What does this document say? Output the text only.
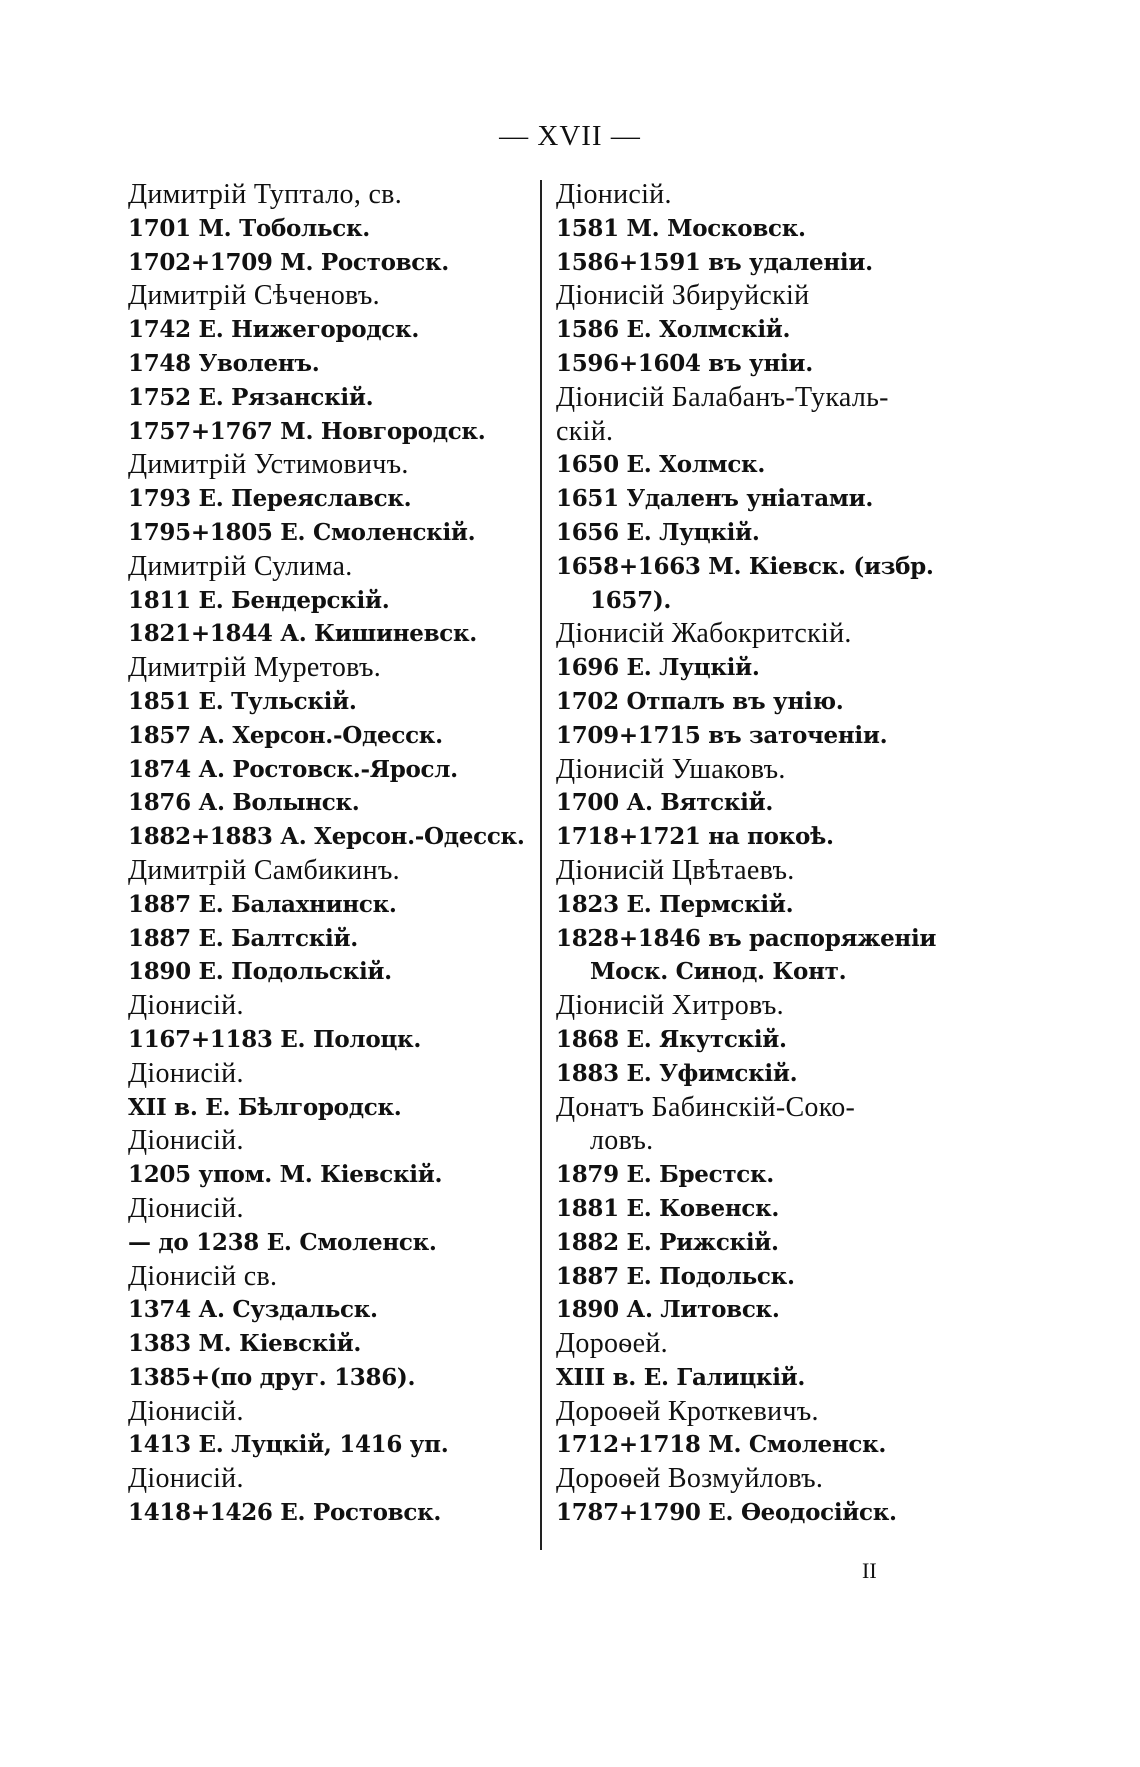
— XVII —
Димитрій Туптало, св.
1701 М. Тобольск.
1702+1709 М. Ростовск.
Димитрій Сѣченовъ.
1742 Е. Нижегородск.
1748 Уволенъ.
1752 Е. Рязанскій.
1757+1767 М. Новгородск.
Димитрій Устимовичъ.
1793 Е. Переяславск.
1795+1805 Е. Смоленскій.
Димитрій Сулима.
1811 Е. Бендерскій.
1821+1844 А. Кишиневск.
Димитрій Муретовъ.
1851 Е. Тульскій.
1857 А. Херсон.-Одесск.
1874 А. Ростовск.-Яросл.
1876 А. Волынск.
1882+1883 А. Херсон.-Одесск.
Димитрій Самбикинъ.
1887 Е. Балахнинск.
1887 Е. Балтскій.
1890 Е. Подольскій.
Діонисій.
1167+1183 Е. Полоцк.
Діонисій.
XII в. Е. Бѣлгородск.
Діонисій.
1205 упом. М. Кіевскій.
Діонисій.
— до 1238 Е. Смоленск.
Діонисій св.
1374 А. Суздальск.
1383 М. Кіевскій.
1385+(по друг. 1386).
Діонисій.
1413 Е. Луцкій, 1416 уп.
Діонисій.
1418+1426 Е. Ростовск.
Діонисій.
1581 М. Московск.
1586+1591 въ удаленіи.
Діонисій Збируйскій
1586 Е. Холмскій.
1596+1604 въ уніи.
Діонисій Балабанъ-Тукаль-
скій.
1650 Е. Холмск.
1651 Удаленъ уніатами.
1656 Е. Луцкій.
1658+1663 М. Кіевск. (избр.
1657).
Діонисій Жабокритскій.
1696 Е. Луцкій.
1702 Отпалъ въ унію.
1709+1715 въ заточеніи.
Діонисій Ушаковъ.
1700 А. Вятскій.
1718+1721 на покоѣ.
Діонисій Цвѣтаевъ.
1823 Е. Пермскій.
1828+1846 въ распоряженіи
Моск. Синод. Конт.
Діонисій Хитровъ.
1868 Е. Якутскій.
1883 Е. Уфимскій.
Донатъ Бабинскій-Соко-
ловъ.
1879 Е. Брестск.
1881 Е. Ковенск.
1882 Е. Рижскій.
1887 Е. Подольск.
1890 А. Литовск.
Дороѳей.
XIII в. Е. Галицкій.
Дороѳей Кроткевичъ.
1712+1718 М. Смоленск.
Дороѳей Возмуйловъ.
1787+1790 Е. Ѳеодосійск.
II
